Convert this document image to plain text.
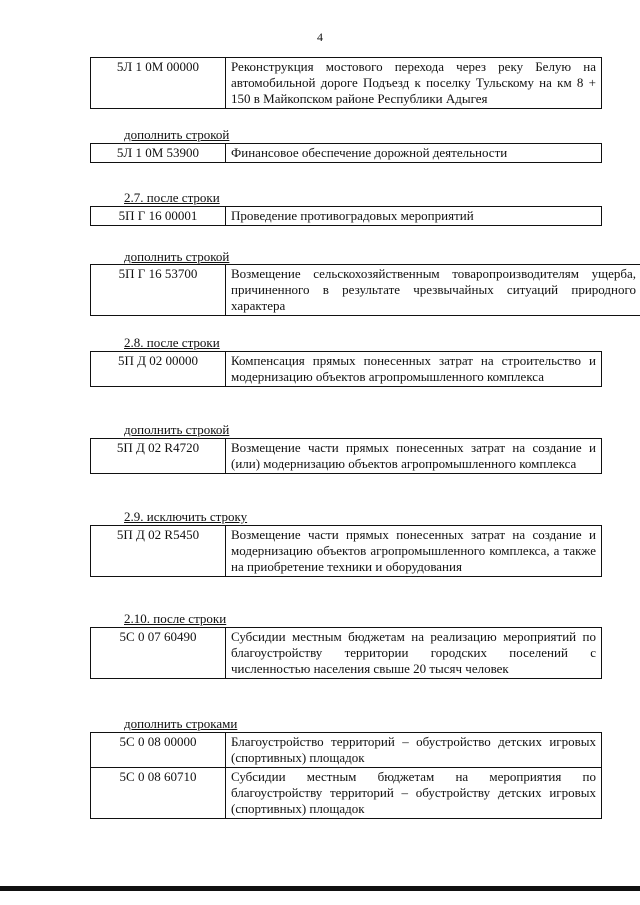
4
5Л 1 0М 00000	Реконструкция мостового перехода через реку Белую на автомобильной дороге Подъезд к поселку Тульскому на км 8 + 150 в Майкопском районе Республики Адыгея
дополнить строкой
5Л 1 0М 53900	Финансовое обеспечение дорожной деятельности
2.7. после строки
5П Г 16 00001	Проведение противоградовых мероприятий
дополнить строкой
5П Г 16 53700	Возмещение сельскохозяйственным товаропроизводителям ущерба, причиненного в результате чрезвычайных ситуаций природного характера
2.8. после строки
5П Д 02 00000	Компенсация прямых понесенных затрат на строительство и модернизацию объектов агропромышленного комплекса
дополнить строкой
5П Д 02 R4720	Возмещение части прямых понесенных затрат на создание и (или) модернизацию объектов агропромышленного комплекса
2.9. исключить строку
5П Д 02 R5450	Возмещение части прямых понесенных затрат на создание и модернизацию объектов агропромышленного комплекса, а также на приобретение техники и оборудования
2.10. после строки
5С 0 07 60490	Субсидии местным бюджетам на реализацию мероприятий по благоустройству территории городских поселений с численностью населения свыше 20 тысяч человек
дополнить строками
5С 0 08 00000	Благоустройство территорий – обустройство детских игровых (спортивных) площадок
5С 0 08 60710	Субсидии местным бюджетам на мероприятия по благоустройству территорий – обустройству детских игровых (спортивных) площадок
